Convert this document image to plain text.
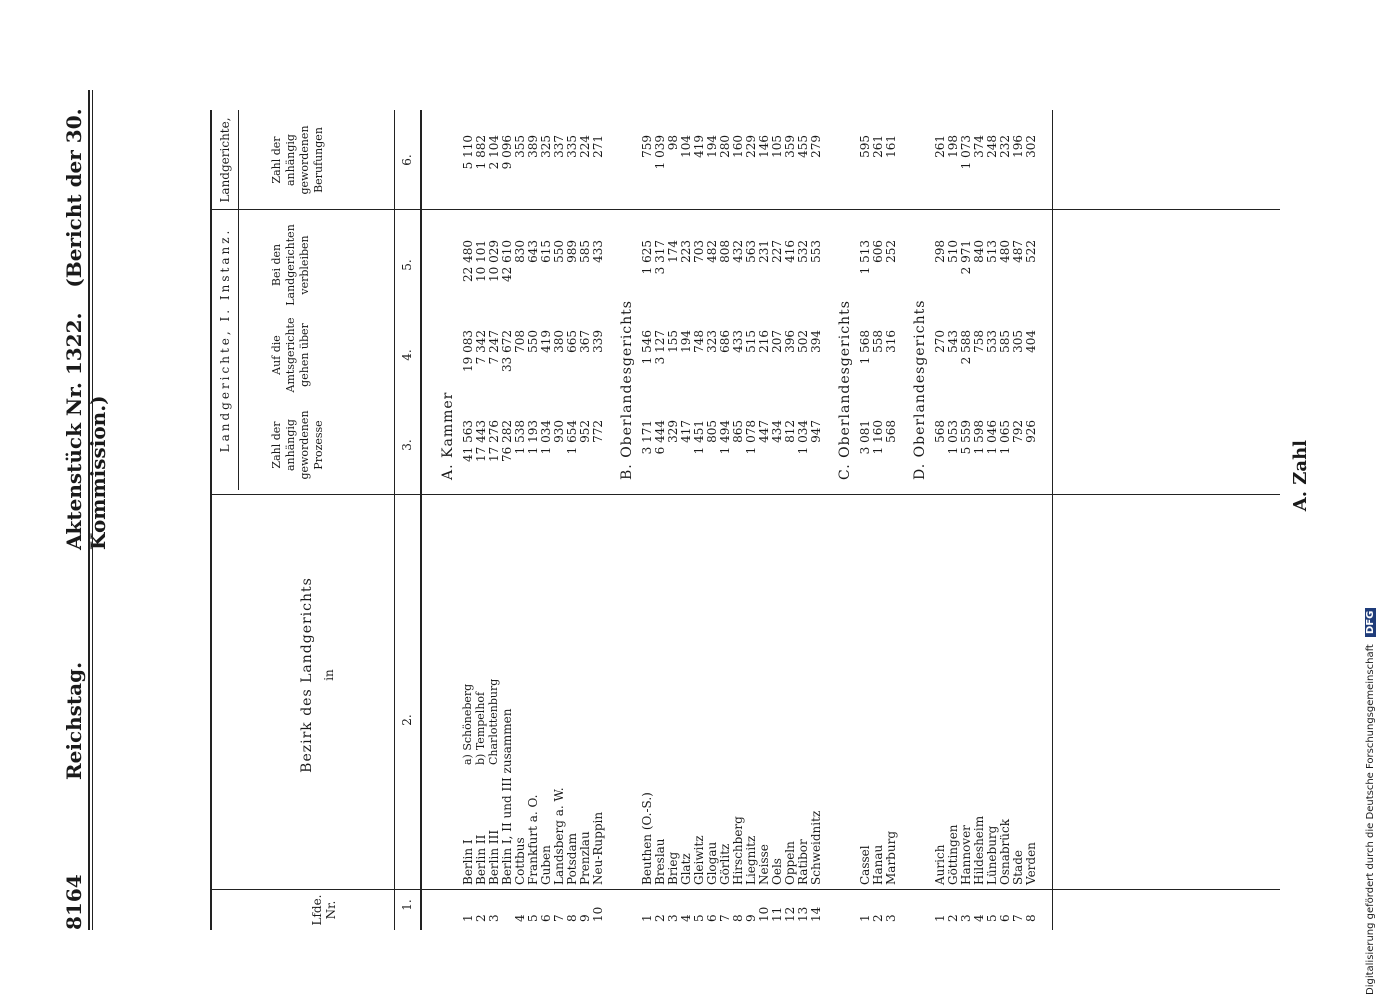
8164
Reichstag.
Aktenstück Nr. 1322. (Bericht der 30. Kommission.)	A. Zahl
Lfde. Nr.
Bezirk des Landgerichts in
Landgerichte, I. Instanz.
Landgerichte,
Zahl der anhängig gewordenen Prozesse
Auf die Amtsgerichte gehen über
Bei den Landgerichten verbleiben
Zahl der anhängig gewordenen Berufungen
1.
2.
3.
4.
5.
6.
A. Kammer
1
Berlin I
a) Schöneberg
41 563
19 083
22 480
5 110
2
Berlin II
b) Tempelhof
17 443
7 342
10 101
1 882
3
Berlin III
Charlottenburg
17 276
7 247
10 029
2 104
Berlin I, II und III zusammen
76 282
33 672
42 610
9 096
4
Cottbus
1 538
708
830
355
5
Frankfurt a. O.
1 193
550
643
389
6
Guben
1 034
419
615
325
7
Landsberg a. W.
930
380
550
337
8
Potsdam
1 654
665
989
335
9
Prenzlau
952
367
585
224
10
Neu-Ruppin
772
339
433
271
B. Oberlandesgerichts
1
Beuthen (O.-S.)
3 171
1 546
1 625
759
2
Breslau
6 444
3 127
3 317
1 039
3
Brieg
329
155
174
98
4
Glatz
417
194
223
104
5
Gleiwitz
1 451
748
703
419
6
Glogau
805
323
482
194
7
Görlitz
1 494
686
808
280
8
Hirschberg
865
433
432
160
9
Liegnitz
1 078
515
563
229
10
Neisse
447
216
231
146
11
Oels
434
207
227
105
12
Oppeln
812
396
416
359
13
Ratibor
1 034
502
532
455
14
Schweidnitz
947
394
553
279
C. Oberlandesgerichts
1
Cassel
3 081
1 568
1 513
595
2
Hanau
1 160
558
606
261
3
Marburg
568
316
252
161
D. Oberlandesgerichts
1
Aurich
568
270
298
261
2
Göttingen
1 053
543
510
198
3
Hannover
5 559
2 588
2 971
1 073
4
Hildesheim
1 598
758
840
374
5
Lüneburg
1 046
533
513
248
6
Osnabrück
1 065
585
480
232
7
Stade
792
305
487
196
8
Verden
926
404
522
302
Digitalisierung gefördert durch die Deutsche Forschungsgemeinschaft DFG
